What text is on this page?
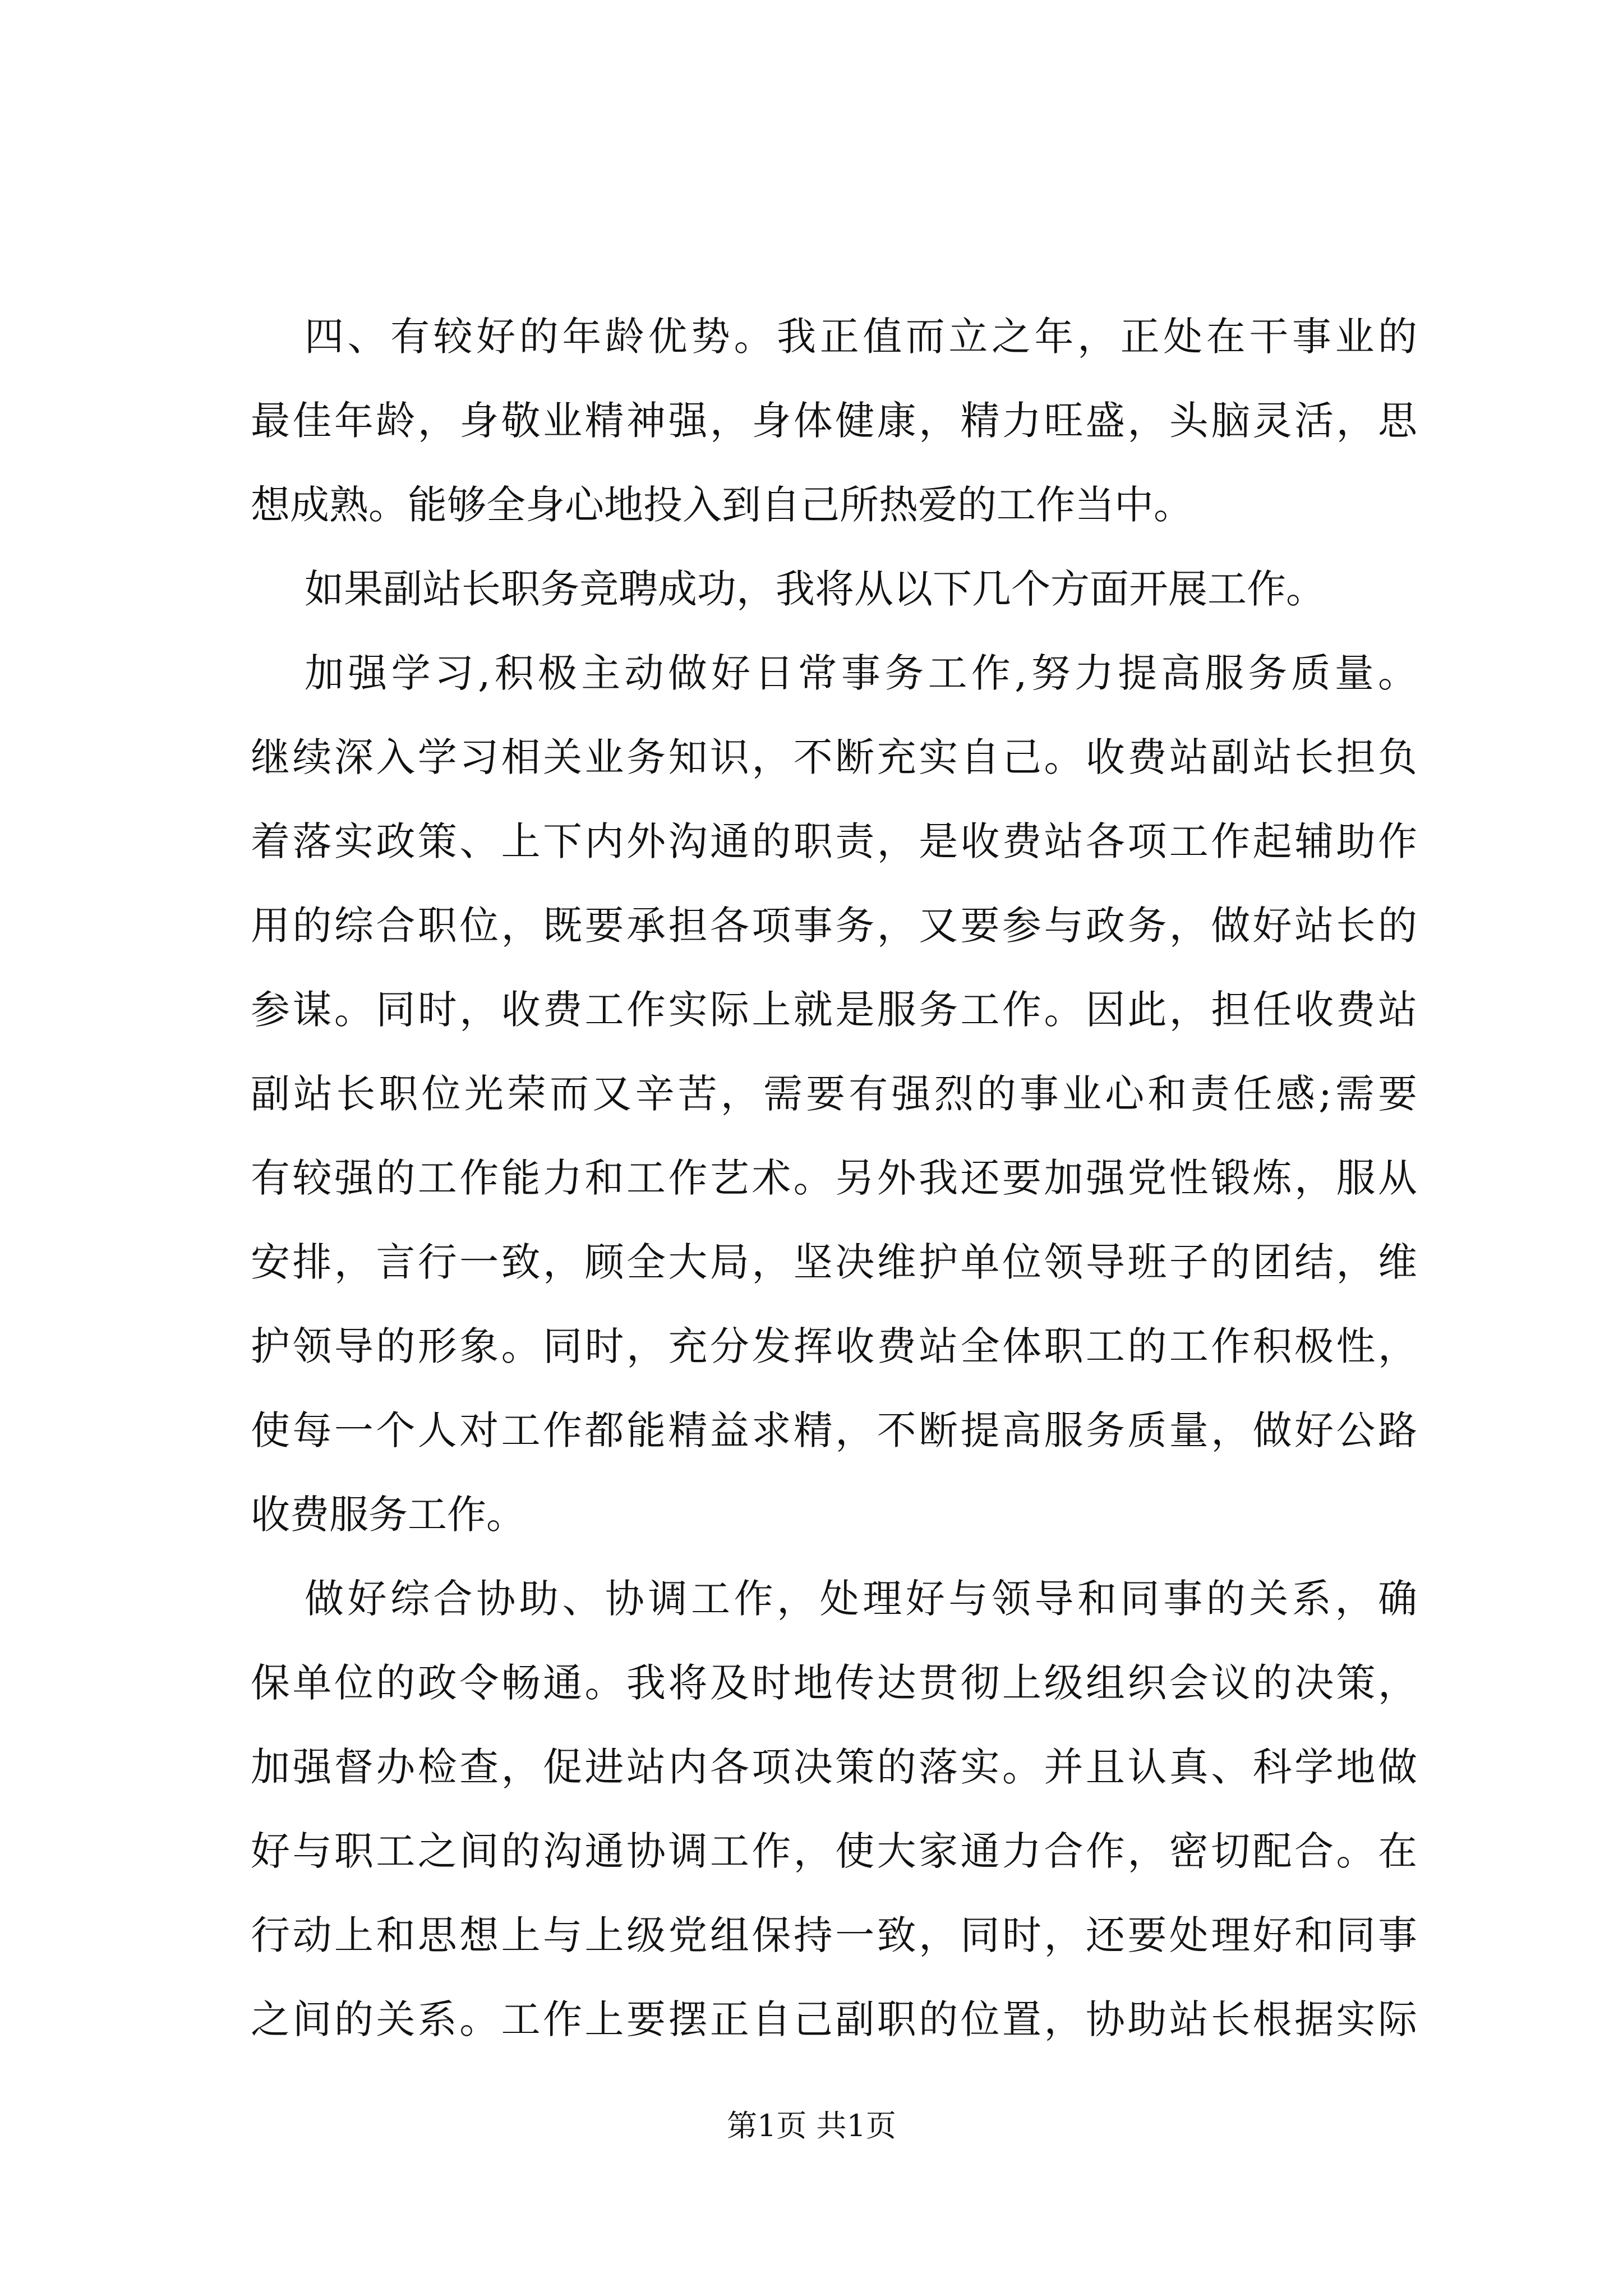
四、有较好的年龄优势。我正值而立之年，正处在干事业的
最佳年龄，身敬业精神强，身体健康，精力旺盛，头脑灵活，思
想成熟。能够全身心地投入到自己所热爱的工作当中。
如果副站长职务竞聘成功，我将从以下几个方面开展工作。
加强学习,积极主动做好日常事务工作,努力提高服务质量。
继续深入学习相关业务知识，不断充实自己。收费站副站长担负
着落实政策、上下内外沟通的职责，是收费站各项工作起辅助作
用的综合职位，既要承担各项事务，又要参与政务，做好站长的
参谋。同时，收费工作实际上就是服务工作。因此，担任收费站
副站长职位光荣而又辛苦，需要有强烈的事业心和责任感;需要
有较强的工作能力和工作艺术。另外我还要加强党性锻炼，服从
安排，言行一致，顾全大局，坚决维护单位领导班子的团结，维
护领导的形象。同时，充分发挥收费站全体职工的工作积极性，
使每一个人对工作都能精益求精，不断提高服务质量，做好公路
收费服务工作。
做好综合协助、协调工作，处理好与领导和同事的关系，确
保单位的政令畅通。我将及时地传达贯彻上级组织会议的决策，
加强督办检查，促进站内各项决策的落实。并且认真、科学地做
好与职工之间的沟通协调工作，使大家通力合作，密切配合。在
行动上和思想上与上级党组保持一致，同时，还要处理好和同事
之间的关系。工作上要摆正自己副职的位置，协助站长根据实际
第1页 共1页
